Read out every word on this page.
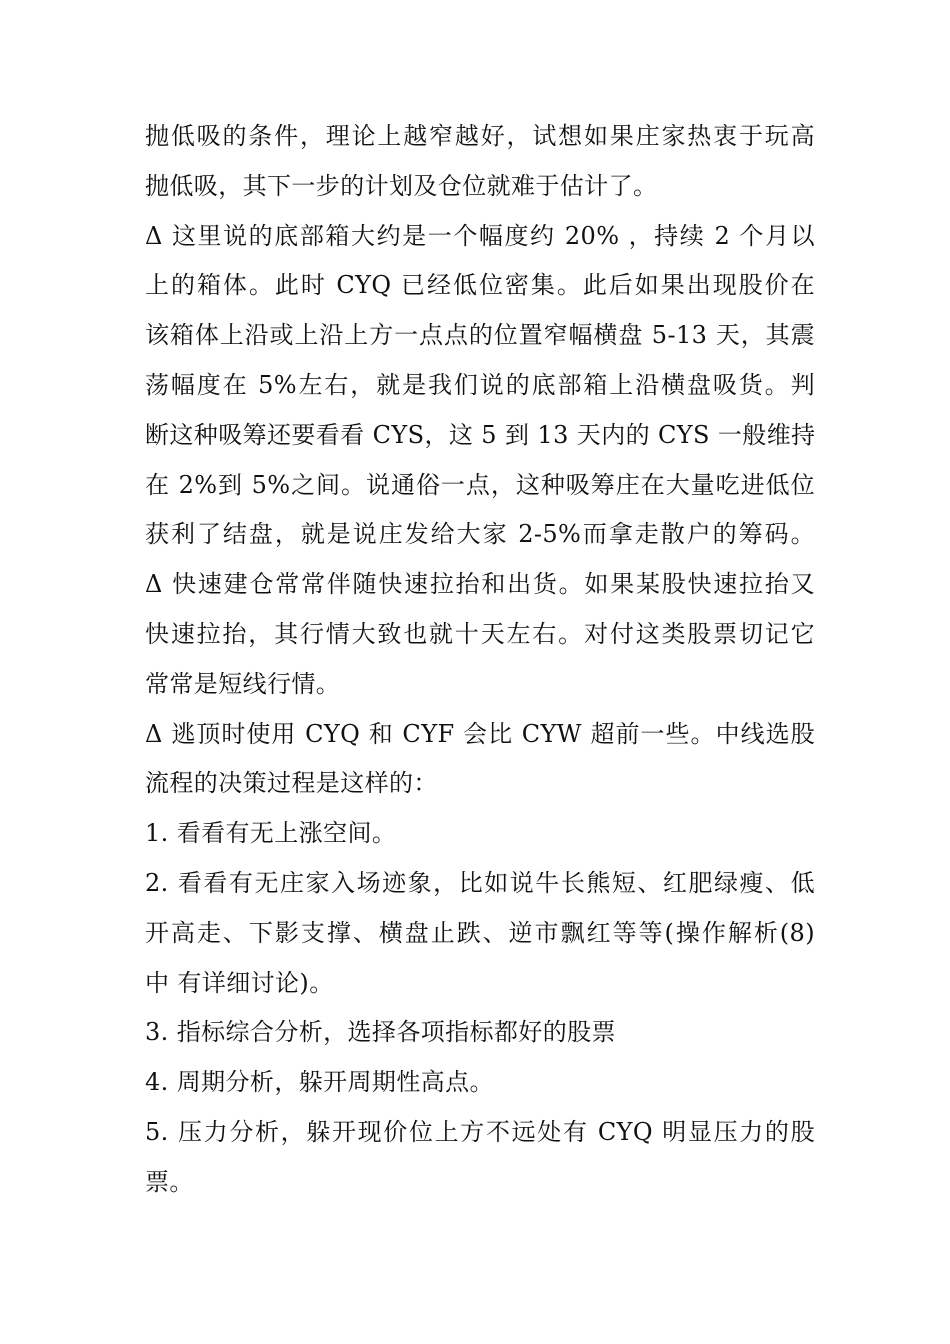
抛低吸的条件，理论上越窄越好，试想如果庄家热衷于玩高
抛低吸，其下一步的计划及仓位就难于估计了。
Δ 这里说的底部箱大约是一个幅度约 20% ，持续 2 个月以
上的箱体。此时 CYQ 已经低位密集。此后如果出现股价在
该箱体上沿或上沿上方一点点的位置窄幅横盘 5-13 天，其震
荡幅度在 5%左右，就是我们说的底部箱上沿横盘吸货。判
断这种吸筹还要看看 CYS，这 5 到 13 天内的 CYS 一般维持
在 2%到 5%之间。说通俗一点，这种吸筹庄在大量吃进低位
获利了结盘，就是说庄发给大家 2-5%而拿走散户的筹码。
Δ 快速建仓常常伴随快速拉抬和出货。如果某股快速拉抬又
快速拉抬，其行情大致也就十天左右。对付这类股票切记它
常常是短线行情。
Δ 逃顶时使用 CYQ 和 CYF 会比 CYW 超前一些。中线选股
流程的决策过程是这样的：
1. 看看有无上涨空间。
2. 看看有无庄家入场迹象，比如说牛长熊短、红肥绿瘦、低
开高走、下影支撑、横盘止跌、逆市飘红等等(操作解析(8)
中 有详细讨论)。
3. 指标综合分析，选择各项指标都好的股票
4. 周期分析，躲开周期性高点。
5. 压力分析，躲开现价位上方不远处有 CYQ 明显压力的股
票。
